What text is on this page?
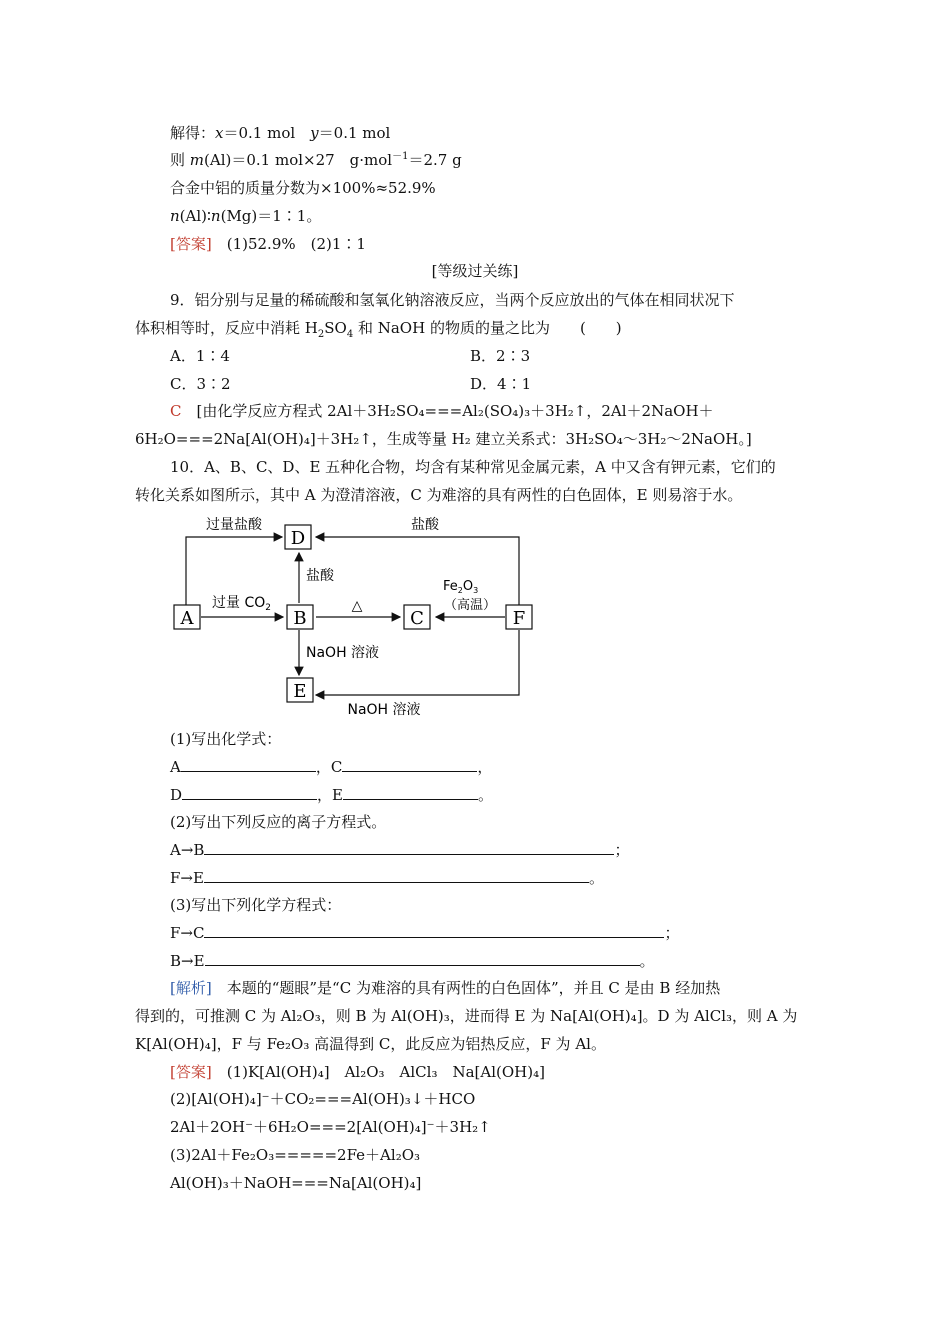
解得：x＝0.1 mol　y＝0.1 mol
则 m(Al)＝0.1 mol×27　g·mol$^{-1}$＝2.7 g
合金中铝的质量分数为×100%≈52.9%
n(Al)∶n(Mg)＝1∶1。
[答案]　(1)52.9%　(2)1∶1
[等级过关练]
9．铝分别与足量的稀硫酸和氢氧化钠溶液反应，当两个反应放出的气体在相同状况下
体积相等时，反应中消耗 $H_2SO_4$ 和 NaOH 的物质的量之比为　　(　　)
A．1∶4	B．2∶3
C．3∶2	D．4∶1
C　 [由化学反应方程式 2Al＋3H₂SO₄===Al₂(SO₄)₃＋3H₂↑，2Al＋2NaOH＋
6H₂O===2Na[Al(OH)₄]＋3H₂↑，生成等量 H₂ 建立关系式：3H₂SO₄～3H₂～2NaOH。]
10．A、B、C、D、E 五种化合物，均含有某种常见金属元素，A 中又含有钾元素，它们的
转化关系如图所示，其中 A 为澄清溶液，C 为难溶的具有两性的白色固体，E 则易溶于水。
过量盐酸	盐酸
盐酸
过量 $CO_2$	△
$Fe_2O_3$
（高温）
NaOH 溶液
NaOH 溶液
D
A	B	C	F
E
(1)写出化学式：
A	，C	，
D	，E	。
(2)写出下列反应的离子方程式。
A→B	；
F→E	。
(3)写出下列化学方程式：
F→C	；
B→E	。
[解析]　本题的“题眼”是“C 为难溶的具有两性的白色固体”，并且 C 是由 B 经加热
得到的，可推测 C 为 Al₂O₃，则 B 为 Al(OH)₃，进而得 E 为 Na[Al(OH)₄]。D 为 AlCl₃，则 A 为
K[Al(OH)₄]，F 与 Fe₂O₃ 高温得到 C，此反应为铝热反应，F 为 Al。
[答案]　(1)K[Al(OH)₄]　Al₂O₃　AlCl₃　Na[Al(OH)₄]
(2)[Al(OH)₄]⁻＋CO₂===Al(OH)₃↓＋HCO
2Al＋2OH⁻＋6H₂O===2[Al(OH)₄]⁻＋3H₂↑
(3)2Al＋Fe₂O₃=====2Fe＋Al₂O₃
Al(OH)₃＋NaOH===Na[Al(OH)₄]
